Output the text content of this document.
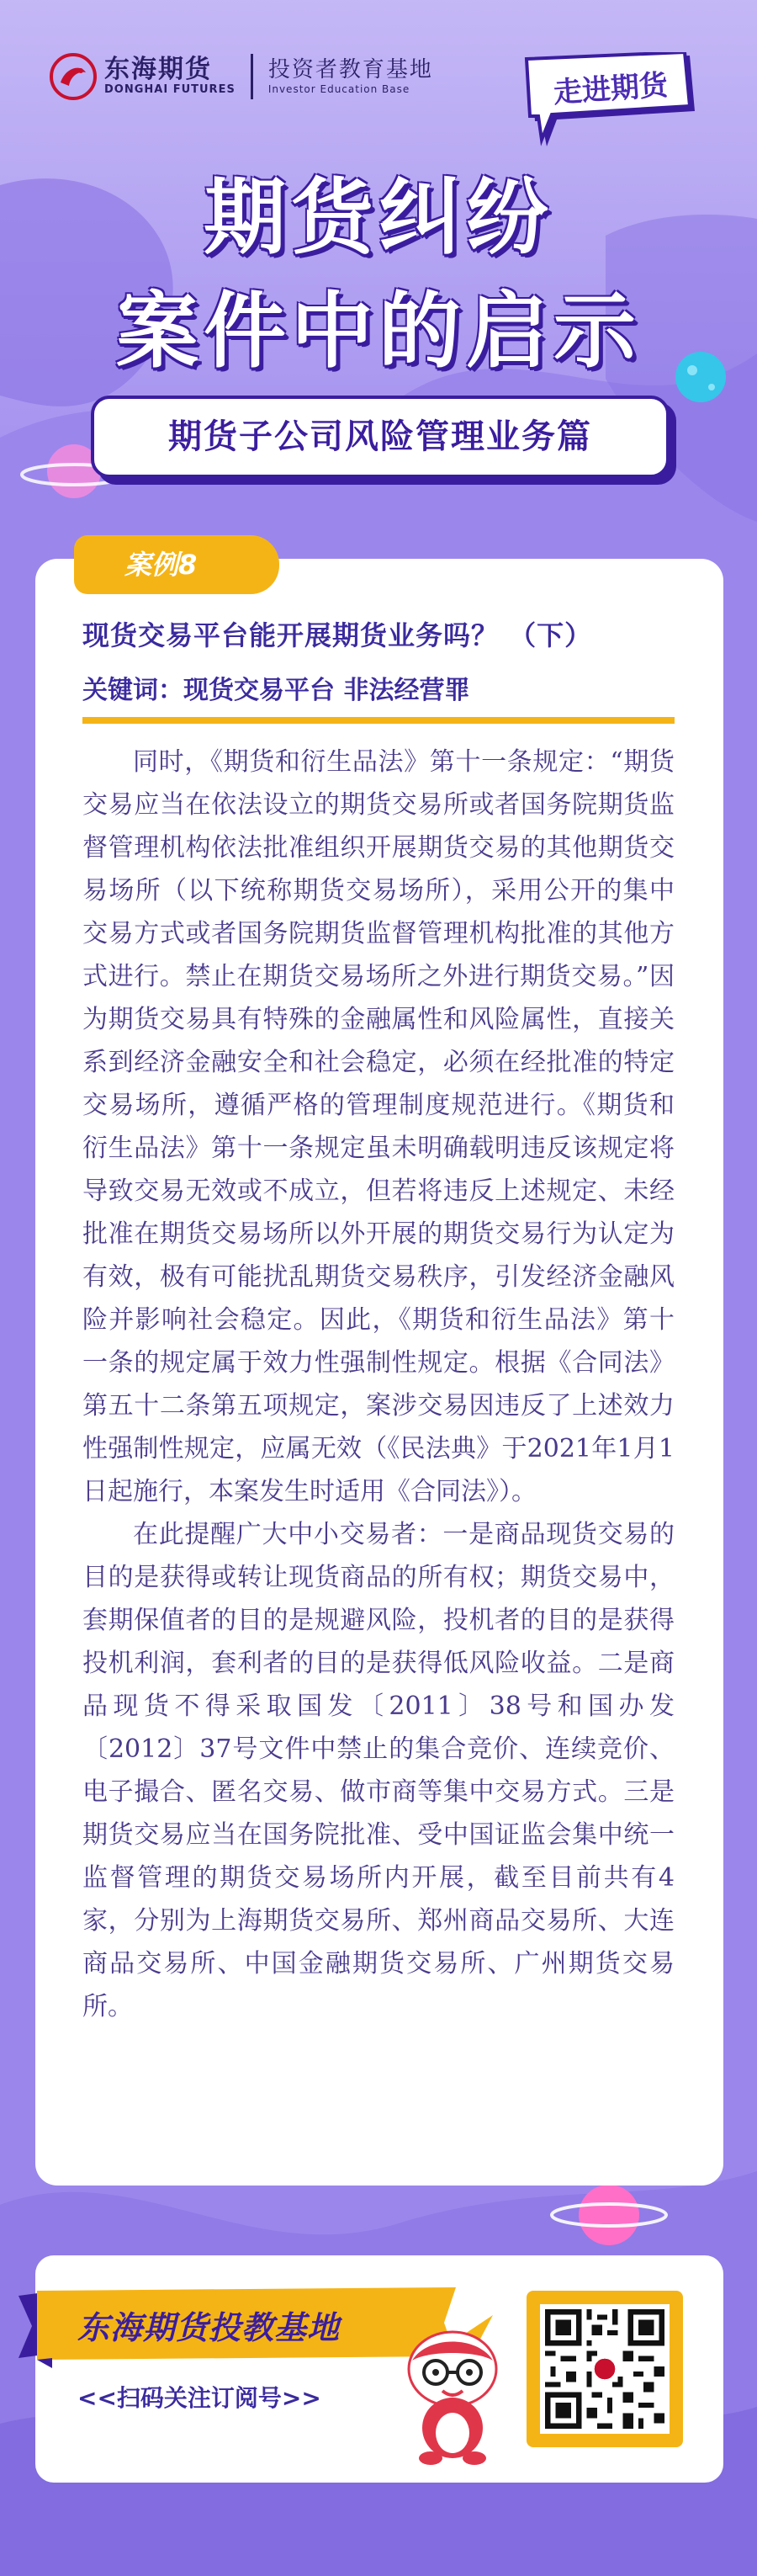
东海期货
DONGHAI FUTURES
投资者教育基地
Investor Education Base	走进期货
期货纠纷
案件中的启示
期货子公司风险管理业务篇
案例8
现货交易平台能开展期货业务吗？ （下）
关键词：现货交易平台 非法经营罪

同时，《期货和衍生品法》第十一条规定：“期货交易应当在依法设立的期货交易所或者国务院期货监督管理机构依法批准组织开展期货交易的其他期货交易场所（以下统称期货交易场所），采用公开的集中交易方式或者国务院期货监督管理机构批准的其他方式进行。禁止在期货交易场所之外进行期货交易。”因为期货交易具有特殊的金融属性和风险属性，直接关系到经济金融安全和社会稳定，必须在经批准的特定交易场所，遵循严格的管理制度规范进行。《期货和衍生品法》第十一条规定虽未明确载明违反该规定将导致交易无效或不成立，但若将违反上述规定、未经批准在期货交易场所以外开展的期货交易行为认定为有效，极有可能扰乱期货交易秩序，引发经济金融风险并影响社会稳定。因此，《期货和衍生品法》第十一条的规定属于效力性强制性规定。根据《合同法》第五十二条第五项规定，案涉交易因违反了上述效力性强制性规定，应属无效（《民法典》于2021年1月1日起施行，本案发生时适用《合同法》）。

在此提醒广大中小交易者：一是商品现货交易的目的是获得或转让现货商品的所有权；期货交易中，套期保值者的目的是规避风险，投机者的目的是获得投机利润，套利者的目的是获得低风险收益。二是商品现货不得采取国发〔2011〕38号和国办发〔2012〕37号文件中禁止的集合竞价、连续竞价、电子撮合、匿名交易、做市商等集中交易方式。三是期货交易应当在国务院批准、受中国证监会集中统一监督管理的期货交易场所内开展，截至目前共有4家，分别为上海期货交易所、郑州商品交易所、大连商品交易所、中国金融期货交易所、广州期货交易所。

东海期货投教基地
<<扫码关注订阅号>>
